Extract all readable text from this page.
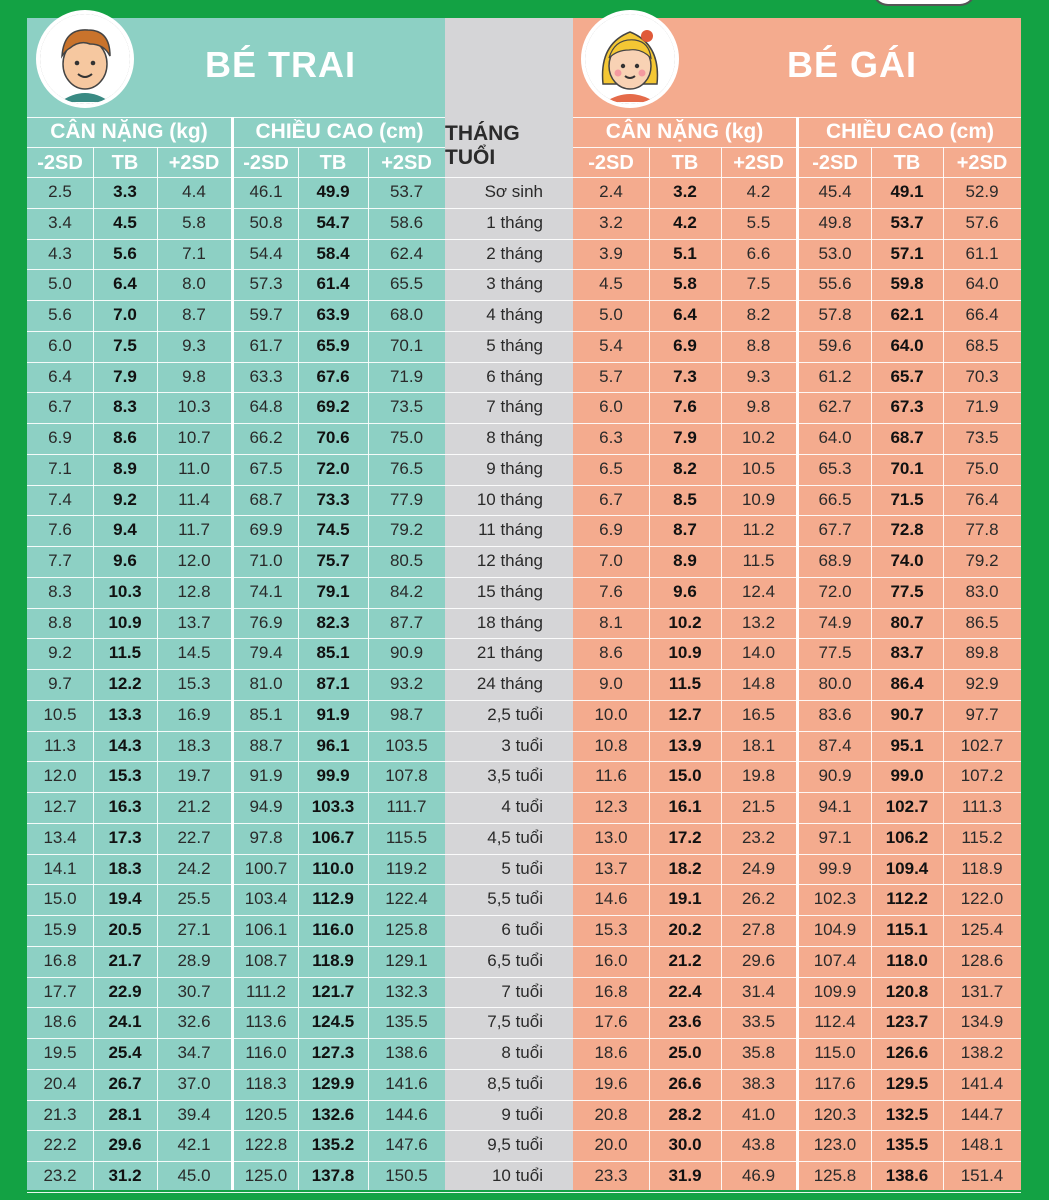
BÉ TRAI	BÉ GÁI
CÂN NẶNG (kg)	CHIỀU CAO (cm)	THÁNG TUỔI
CÂN NẶNG (kg)	CHIỀU CAO (cm)
-2SD	TB	+2SD	-2SD	TB	+2SD	-2SD	TB	+2SD	-2SD	TB	+2SD
2.5	3.3	4.4	46.1	49.9	53.7	Sơ sinh	2.4	3.2	4.2	45.4	49.1	52.9
3.4	4.5	5.8	50.8	54.7	58.6	1 tháng	3.2	4.2	5.5	49.8	53.7	57.6
4.3	5.6	7.1	54.4	58.4	62.4	2 tháng	3.9	5.1	6.6	53.0	57.1	61.1
5.0	6.4	8.0	57.3	61.4	65.5	3 tháng	4.5	5.8	7.5	55.6	59.8	64.0
5.6	7.0	8.7	59.7	63.9	68.0	4 tháng	5.0	6.4	8.2	57.8	62.1	66.4
6.0	7.5	9.3	61.7	65.9	70.1	5 tháng	5.4	6.9	8.8	59.6	64.0	68.5
6.4	7.9	9.8	63.3	67.6	71.9	6 tháng	5.7	7.3	9.3	61.2	65.7	70.3
6.7	8.3	10.3	64.8	69.2	73.5	7 tháng	6.0	7.6	9.8	62.7	67.3	71.9
6.9	8.6	10.7	66.2	70.6	75.0	8 tháng	6.3	7.9	10.2	64.0	68.7	73.5
7.1	8.9	11.0	67.5	72.0	76.5	9 tháng	6.5	8.2	10.5	65.3	70.1	75.0
7.4	9.2	11.4	68.7	73.3	77.9	10 tháng	6.7	8.5	10.9	66.5	71.5	76.4
7.6	9.4	11.7	69.9	74.5	79.2	11 tháng	6.9	8.7	11.2	67.7	72.8	77.8
7.7	9.6	12.0	71.0	75.7	80.5	12 tháng	7.0	8.9	11.5	68.9	74.0	79.2
8.3	10.3	12.8	74.1	79.1	84.2	15 tháng	7.6	9.6	12.4	72.0	77.5	83.0
8.8	10.9	13.7	76.9	82.3	87.7	18 tháng	8.1	10.2	13.2	74.9	80.7	86.5
9.2	11.5	14.5	79.4	85.1	90.9	21 tháng	8.6	10.9	14.0	77.5	83.7	89.8
9.7	12.2	15.3	81.0	87.1	93.2	24 tháng	9.0	11.5	14.8	80.0	86.4	92.9
10.5	13.3	16.9	85.1	91.9	98.7	2,5 tuổi	10.0	12.7	16.5	83.6	90.7	97.7
11.3	14.3	18.3	88.7	96.1	103.5	3 tuổi	10.8	13.9	18.1	87.4	95.1	102.7
12.0	15.3	19.7	91.9	99.9	107.8	3,5 tuổi	11.6	15.0	19.8	90.9	99.0	107.2
12.7	16.3	21.2	94.9	103.3	111.7	4 tuổi	12.3	16.1	21.5	94.1	102.7	111.3
13.4	17.3	22.7	97.8	106.7	115.5	4,5 tuổi	13.0	17.2	23.2	97.1	106.2	115.2
14.1	18.3	24.2	100.7	110.0	119.2	5 tuổi	13.7	18.2	24.9	99.9	109.4	118.9
15.0	19.4	25.5	103.4	112.9	122.4	5,5 tuổi	14.6	19.1	26.2	102.3	112.2	122.0
15.9	20.5	27.1	106.1	116.0	125.8	6 tuổi	15.3	20.2	27.8	104.9	115.1	125.4
16.8	21.7	28.9	108.7	118.9	129.1	6,5 tuổi	16.0	21.2	29.6	107.4	118.0	128.6
17.7	22.9	30.7	111.2	121.7	132.3	7 tuổi	16.8	22.4	31.4	109.9	120.8	131.7
18.6	24.1	32.6	113.6	124.5	135.5	7,5 tuổi	17.6	23.6	33.5	112.4	123.7	134.9
19.5	25.4	34.7	116.0	127.3	138.6	8 tuổi	18.6	25.0	35.8	115.0	126.6	138.2
20.4	26.7	37.0	118.3	129.9	141.6	8,5 tuổi	19.6	26.6	38.3	117.6	129.5	141.4
21.3	28.1	39.4	120.5	132.6	144.6	9 tuổi	20.8	28.2	41.0	120.3	132.5	144.7
22.2	29.6	42.1	122.8	135.2	147.6	9,5 tuổi	20.0	30.0	43.8	123.0	135.5	148.1
23.2	31.2	45.0	125.0	137.8	150.5	10 tuổi	23.3	31.9	46.9	125.8	138.6	151.4
